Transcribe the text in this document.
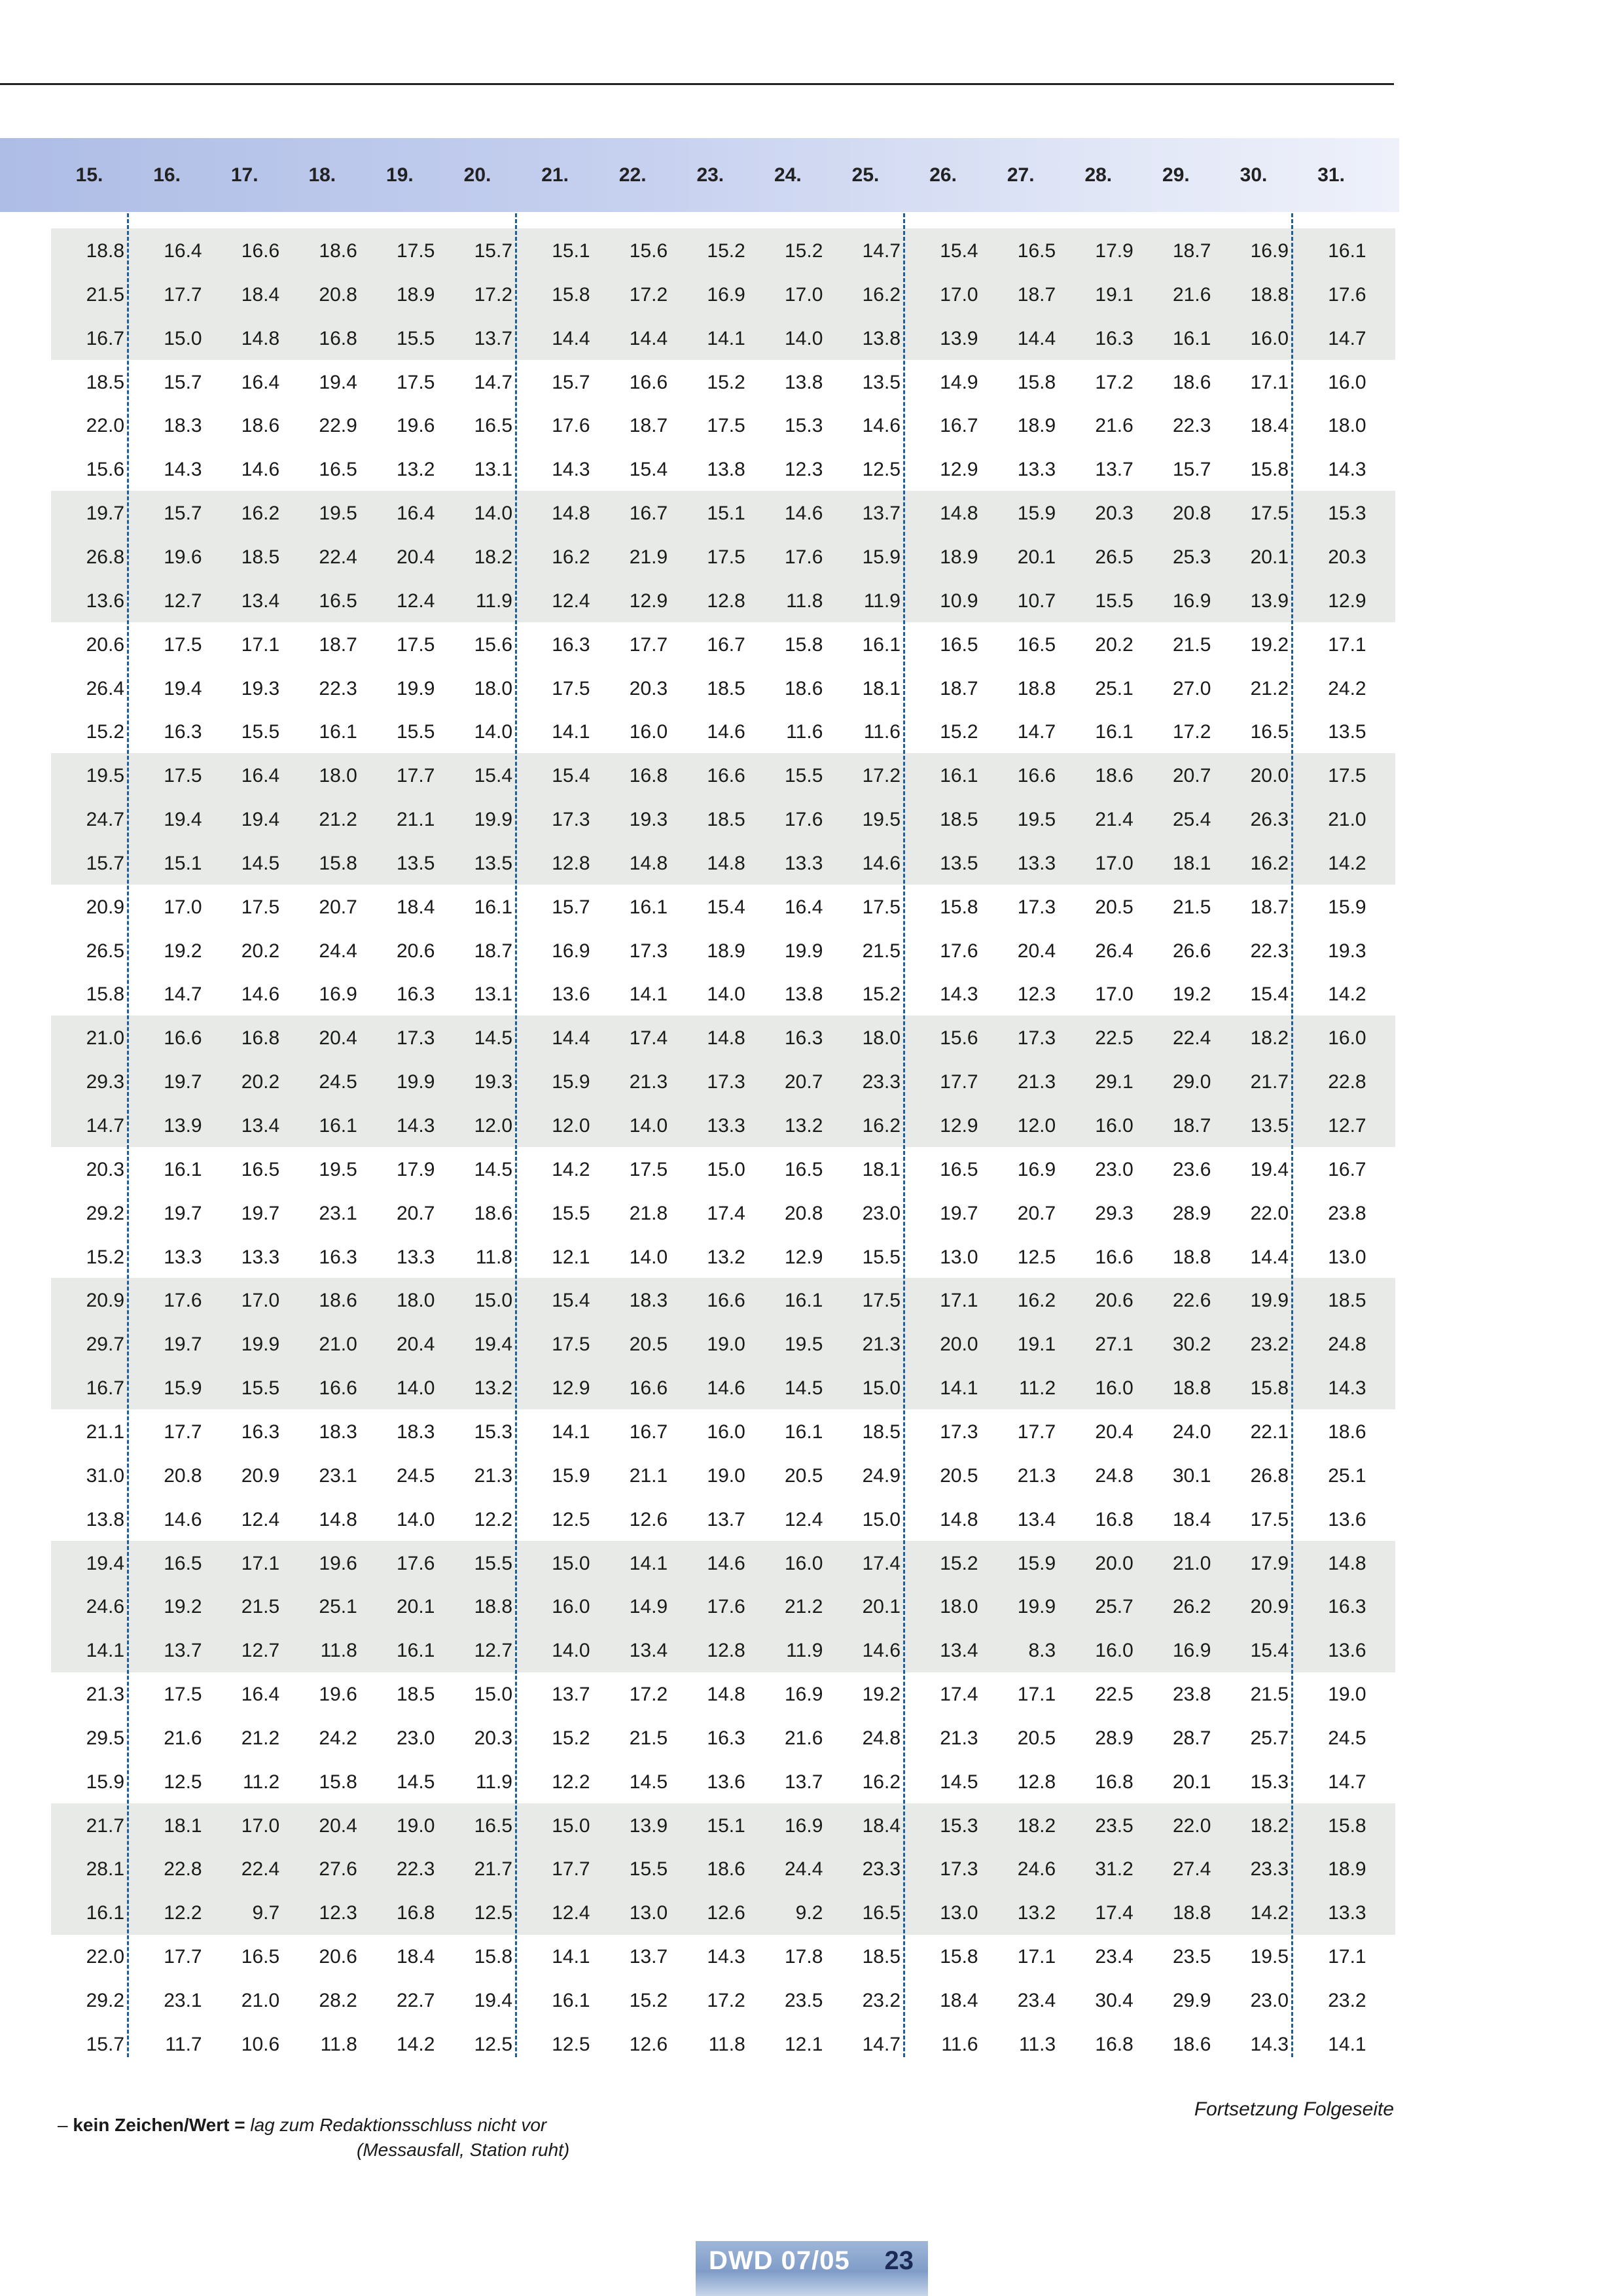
15.	16.	17.	18.	19.	20.	21.	22.	23.	24.	25.	26.	27.	28.	29.	30.	31.
18.8	16.4	16.6	18.6	17.5	15.7	15.1	15.6	15.2	15.2	14.7	15.4	16.5	17.9	18.7	16.9	16.1
21.5	17.7	18.4	20.8	18.9	17.2	15.8	17.2	16.9	17.0	16.2	17.0	18.7	19.1	21.6	18.8	17.6
16.7	15.0	14.8	16.8	15.5	13.7	14.4	14.4	14.1	14.0	13.8	13.9	14.4	16.3	16.1	16.0	14.7
18.5	15.7	16.4	19.4	17.5	14.7	15.7	16.6	15.2	13.8	13.5	14.9	15.8	17.2	18.6	17.1	16.0
22.0	18.3	18.6	22.9	19.6	16.5	17.6	18.7	17.5	15.3	14.6	16.7	18.9	21.6	22.3	18.4	18.0
15.6	14.3	14.6	16.5	13.2	13.1	14.3	15.4	13.8	12.3	12.5	12.9	13.3	13.7	15.7	15.8	14.3
19.7	15.7	16.2	19.5	16.4	14.0	14.8	16.7	15.1	14.6	13.7	14.8	15.9	20.3	20.8	17.5	15.3
26.8	19.6	18.5	22.4	20.4	18.2	16.2	21.9	17.5	17.6	15.9	18.9	20.1	26.5	25.3	20.1	20.3
13.6	12.7	13.4	16.5	12.4	11.9	12.4	12.9	12.8	11.8	11.9	10.9	10.7	15.5	16.9	13.9	12.9
20.6	17.5	17.1	18.7	17.5	15.6	16.3	17.7	16.7	15.8	16.1	16.5	16.5	20.2	21.5	19.2	17.1
26.4	19.4	19.3	22.3	19.9	18.0	17.5	20.3	18.5	18.6	18.1	18.7	18.8	25.1	27.0	21.2	24.2
15.2	16.3	15.5	16.1	15.5	14.0	14.1	16.0	14.6	11.6	11.6	15.2	14.7	16.1	17.2	16.5	13.5
19.5	17.5	16.4	18.0	17.7	15.4	15.4	16.8	16.6	15.5	17.2	16.1	16.6	18.6	20.7	20.0	17.5
24.7	19.4	19.4	21.2	21.1	19.9	17.3	19.3	18.5	17.6	19.5	18.5	19.5	21.4	25.4	26.3	21.0
15.7	15.1	14.5	15.8	13.5	13.5	12.8	14.8	14.8	13.3	14.6	13.5	13.3	17.0	18.1	16.2	14.2
20.9	17.0	17.5	20.7	18.4	16.1	15.7	16.1	15.4	16.4	17.5	15.8	17.3	20.5	21.5	18.7	15.9
26.5	19.2	20.2	24.4	20.6	18.7	16.9	17.3	18.9	19.9	21.5	17.6	20.4	26.4	26.6	22.3	19.3
15.8	14.7	14.6	16.9	16.3	13.1	13.6	14.1	14.0	13.8	15.2	14.3	12.3	17.0	19.2	15.4	14.2
21.0	16.6	16.8	20.4	17.3	14.5	14.4	17.4	14.8	16.3	18.0	15.6	17.3	22.5	22.4	18.2	16.0
29.3	19.7	20.2	24.5	19.9	19.3	15.9	21.3	17.3	20.7	23.3	17.7	21.3	29.1	29.0	21.7	22.8
14.7	13.9	13.4	16.1	14.3	12.0	12.0	14.0	13.3	13.2	16.2	12.9	12.0	16.0	18.7	13.5	12.7
20.3	16.1	16.5	19.5	17.9	14.5	14.2	17.5	15.0	16.5	18.1	16.5	16.9	23.0	23.6	19.4	16.7
29.2	19.7	19.7	23.1	20.7	18.6	15.5	21.8	17.4	20.8	23.0	19.7	20.7	29.3	28.9	22.0	23.8
15.2	13.3	13.3	16.3	13.3	11.8	12.1	14.0	13.2	12.9	15.5	13.0	12.5	16.6	18.8	14.4	13.0
20.9	17.6	17.0	18.6	18.0	15.0	15.4	18.3	16.6	16.1	17.5	17.1	16.2	20.6	22.6	19.9	18.5
29.7	19.7	19.9	21.0	20.4	19.4	17.5	20.5	19.0	19.5	21.3	20.0	19.1	27.1	30.2	23.2	24.8
16.7	15.9	15.5	16.6	14.0	13.2	12.9	16.6	14.6	14.5	15.0	14.1	11.2	16.0	18.8	15.8	14.3
21.1	17.7	16.3	18.3	18.3	15.3	14.1	16.7	16.0	16.1	18.5	17.3	17.7	20.4	24.0	22.1	18.6
31.0	20.8	20.9	23.1	24.5	21.3	15.9	21.1	19.0	20.5	24.9	20.5	21.3	24.8	30.1	26.8	25.1
13.8	14.6	12.4	14.8	14.0	12.2	12.5	12.6	13.7	12.4	15.0	14.8	13.4	16.8	18.4	17.5	13.6
19.4	16.5	17.1	19.6	17.6	15.5	15.0	14.1	14.6	16.0	17.4	15.2	15.9	20.0	21.0	17.9	14.8
24.6	19.2	21.5	25.1	20.1	18.8	16.0	14.9	17.6	21.2	20.1	18.0	19.9	25.7	26.2	20.9	16.3
14.1	13.7	12.7	11.8	16.1	12.7	14.0	13.4	12.8	11.9	14.6	13.4	8.3	16.0	16.9	15.4	13.6
21.3	17.5	16.4	19.6	18.5	15.0	13.7	17.2	14.8	16.9	19.2	17.4	17.1	22.5	23.8	21.5	19.0
29.5	21.6	21.2	24.2	23.0	20.3	15.2	21.5	16.3	21.6	24.8	21.3	20.5	28.9	28.7	25.7	24.5
15.9	12.5	11.2	15.8	14.5	11.9	12.2	14.5	13.6	13.7	16.2	14.5	12.8	16.8	20.1	15.3	14.7
21.7	18.1	17.0	20.4	19.0	16.5	15.0	13.9	15.1	16.9	18.4	15.3	18.2	23.5	22.0	18.2	15.8
28.1	22.8	22.4	27.6	22.3	21.7	17.7	15.5	18.6	24.4	23.3	17.3	24.6	31.2	27.4	23.3	18.9
16.1	12.2	9.7	12.3	16.8	12.5	12.4	13.0	12.6	9.2	16.5	13.0	13.2	17.4	18.8	14.2	13.3
22.0	17.7	16.5	20.6	18.4	15.8	14.1	13.7	14.3	17.8	18.5	15.8	17.1	23.4	23.5	19.5	17.1
29.2	23.1	21.0	28.2	22.7	19.4	16.1	15.2	17.2	23.5	23.2	18.4	23.4	30.4	29.9	23.0	23.2
15.7	11.7	10.6	11.8	14.2	12.5	12.5	12.6	11.8	12.1	14.7	11.6	11.3	16.8	18.6	14.3	14.1
– kein Zeichen/Wert = lag zum Redaktionsschluss nicht vor
(Messausfall, Station ruht)
Fortsetzung Folgeseite
DWD 07/05 23
